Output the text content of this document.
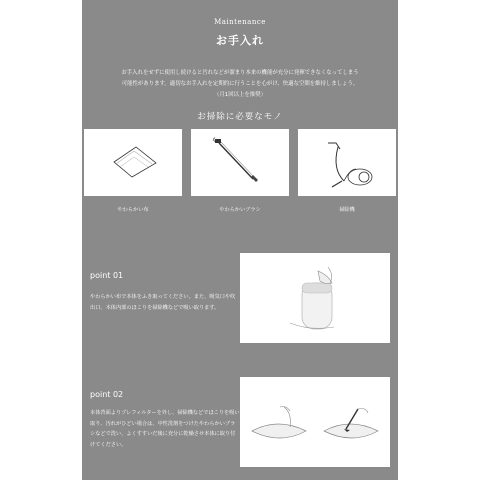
Maintenance
お手入れ

お手入れをせずに使用し続けると汚れなどが溜まり本来の機能が充分に発揮できなくなってしまう

可能性があります。適切なお手入れを定期的に行うことを心がけ、快適な空間を維持しましょう。

（月1回以上を推奨）

お掃除に必要なモノ
やわらかい布	やわらかいブラシ	掃除機
point 01
やわらかい布で本体をふき取ってください。また、吸気口や吹出口、本体内部のほこりを掃除機などで吸い取ります。
point 02
本体背面よりプレフィルターを外し、掃除機などでほこりを吸い取り、汚れがひどい場合は、中性洗剤をつけたやわらかいブラシなどで洗い、よくすすいだ後に充分に乾燥させ本体に取り付けてください。
